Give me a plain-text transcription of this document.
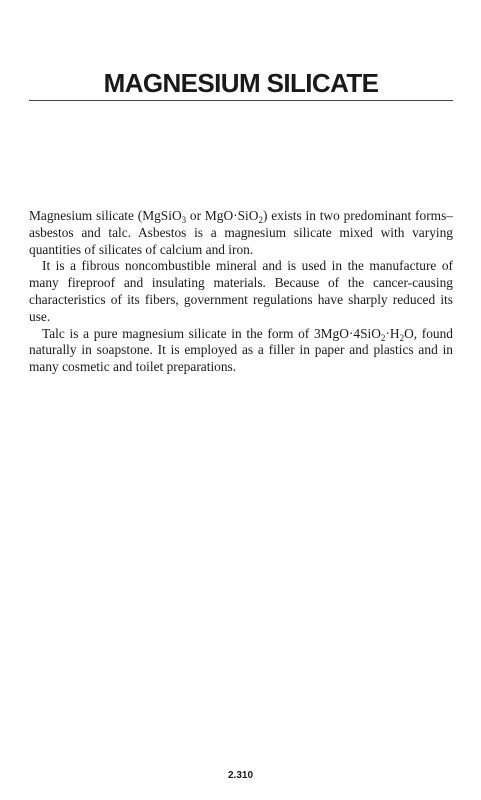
MAGNESIUM SILICATE

Magnesium silicate (MgSiO$_3$ or MgO·SiO$_2$) exists in two predominant forms–asbestos and talc. Asbestos is a magnesium silicate mixed with varying quantities of silicates of calcium and iron.

It is a fibrous noncombustible mineral and is used in the manufacture of many fireproof and insulating materials. Because of the cancer-causing characteristics of its fibers, government regulations have sharply reduced its use.

Talc is a pure magnesium silicate in the form of $3MgO\cdot 4SiO_2\cdot H_2O$, found naturally in soapstone. It is employed as a filler in paper and plastics and in many cosmetic and toilet preparations.

2.310
